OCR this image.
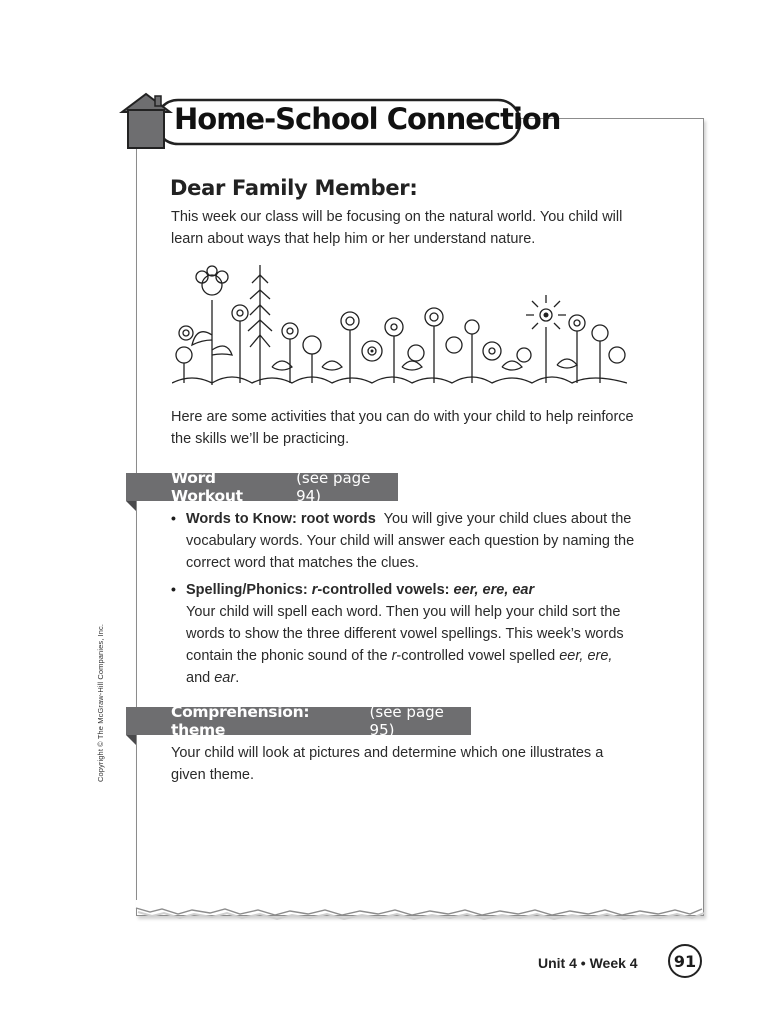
Home-School Connection
Dear Family Member:
This week our class will be focusing on the natural world. You child will learn about ways that help him or her understand nature.
Here are some activities that you can do with your child to help reinforce the skills we’ll be practicing.
Word Workout
(see page 94)
• Words to Know: root words You will give your child clues about the vocabulary words. Your child will answer each question by naming the correct word that matches the clues.
• Spelling/Phonics: r-controlled vowels: eer, ere, ear
Your child will spell each word. Then you will help your child sort the words to show the three different vowel spellings. This week’s words contain the phonic sound of the r-controlled vowel spelled eer, ere,
and ear.
Comprehension: theme
(see page 95)
Your child will look at pictures and determine which one illustrates a given theme.
Copyright © The McGraw-Hill Companies, Inc.
Unit 4 • Week 4	91
